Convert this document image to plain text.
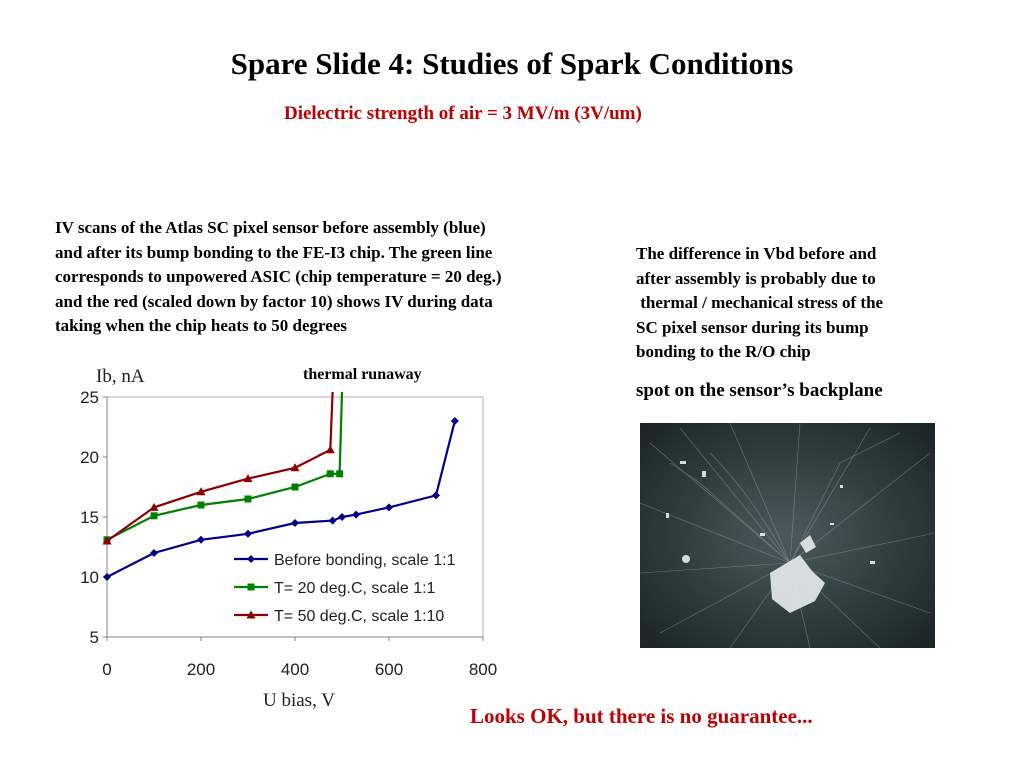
Spare Slide 4: Studies of Spark Conditions
Dielectric strength of air = 3 MV/m (3V/um)

IV scans of the Atlas SC pixel sensor before assembly (blue)
and after its bump bonding to the FE-I3 chip. The green line
corresponds to unpowered ASIC (chip temperature = 20 deg.)
and the red (scaled down by factor 10) shows IV during data
taking when the chip heats to 50 degrees

The difference in Vbd before and
after assembly is probably due to
thermal / mechanical stress of the
SC pixel sensor during its bump
bonding to the R/O chip

spot on the sensor’s backplane
Looks OK, but there is no guarantee...
5
10
15
20
25
0	200	400	600	800
Ib, nA
U bias, V
thermal runaway
Before bonding, scale 1:1
T= 20 deg.C, scale 1:1
T= 50 deg.C, scale 1:10
